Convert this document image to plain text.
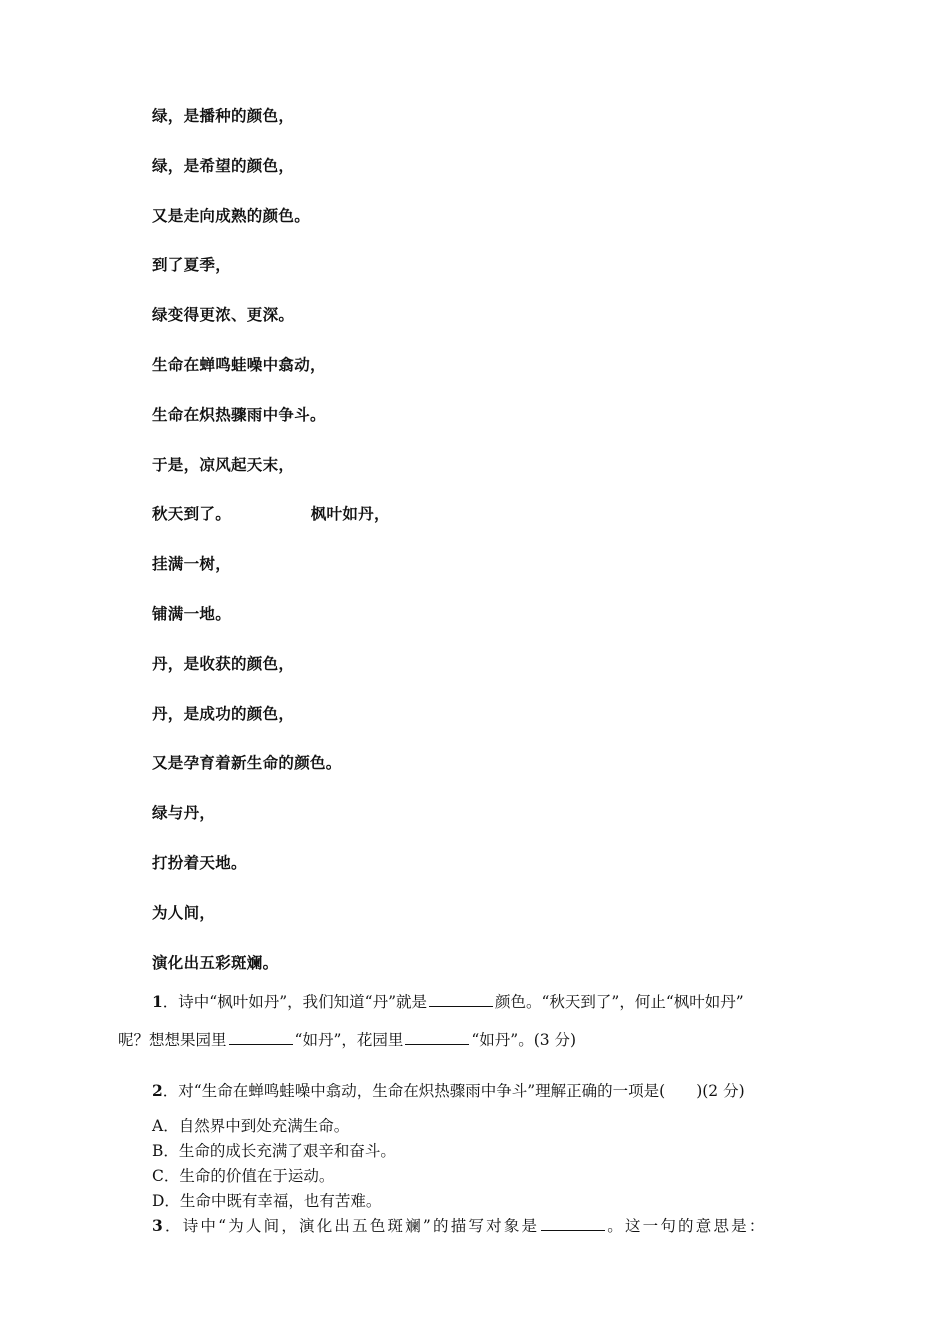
绿，是播种的颜色，
绿，是希望的颜色，
又是走向成熟的颜色。
到了夏季，
绿变得更浓、更深。
生命在蝉鸣蛙噪中翕动，
生命在炽热骤雨中争斗。
于是，凉风起天末，
秋天到了。              枫叶如丹，
挂满一树，
铺满一地。
丹，是收获的颜色，
丹，是成功的颜色，
又是孕育着新生命的颜色。
绿与丹，
打扮着天地。
为人间，
演化出五彩斑斓。
1．诗中“枫叶如丹”，我们知道“丹”就是	颜色。“秋天到了”，何止“枫叶如丹”
呢？想想果园里	“如丹”，花园里	“如丹”。(3 分)
2．对“生命在蝉鸣蛙噪中翕动，生命在炽热骤雨中争斗”理解正确的一项是(　　)(2 分)
A．自然界中到处充满生命。
B．生命的成长充满了艰辛和奋斗。
C．生命的价值在于运动。
D．生命中既有幸福，也有苦难。
3．诗中“为人间，演化出五色斑斓”的描写对象是	。这一句的意思是：
